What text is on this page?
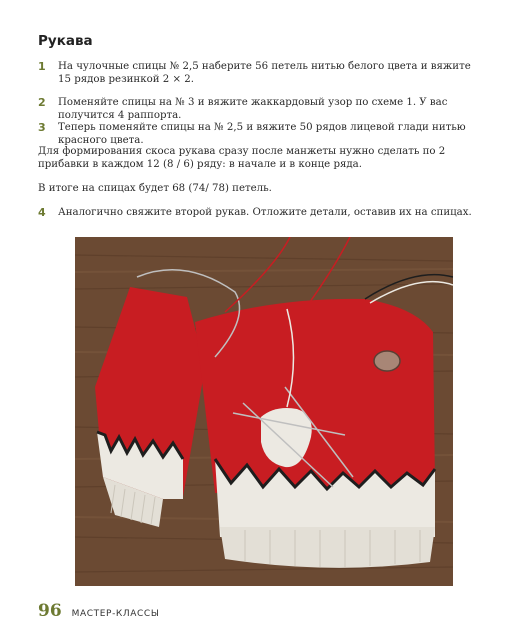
Рукава
1	На чулочные спицы № 2,5 наберите 56 петель нитью белого цвета и вяжите 15 рядов резинкой 2 × 2.
2	Поменяйте спицы на № 3 и вяжите жаккардовый узор по схеме 1. У вас получится 4 раппорта.
3	Теперь поменяйте спицы на № 2,5 и вяжите 50 рядов лицевой глади нитью красного цвета.

Для формирования скоса рукава сразу после манжеты нужно сделать по 2 прибавки в каждом 12 (8 / 6) ряду: в начале и в конце ряда.

В итоге на спицах будет 68 (74/ 78) петель.

4	Аналогично свяжите второй рукав. Отложите детали, оставив их на спицах.
96 МАСТЕР-КЛАССЫ
